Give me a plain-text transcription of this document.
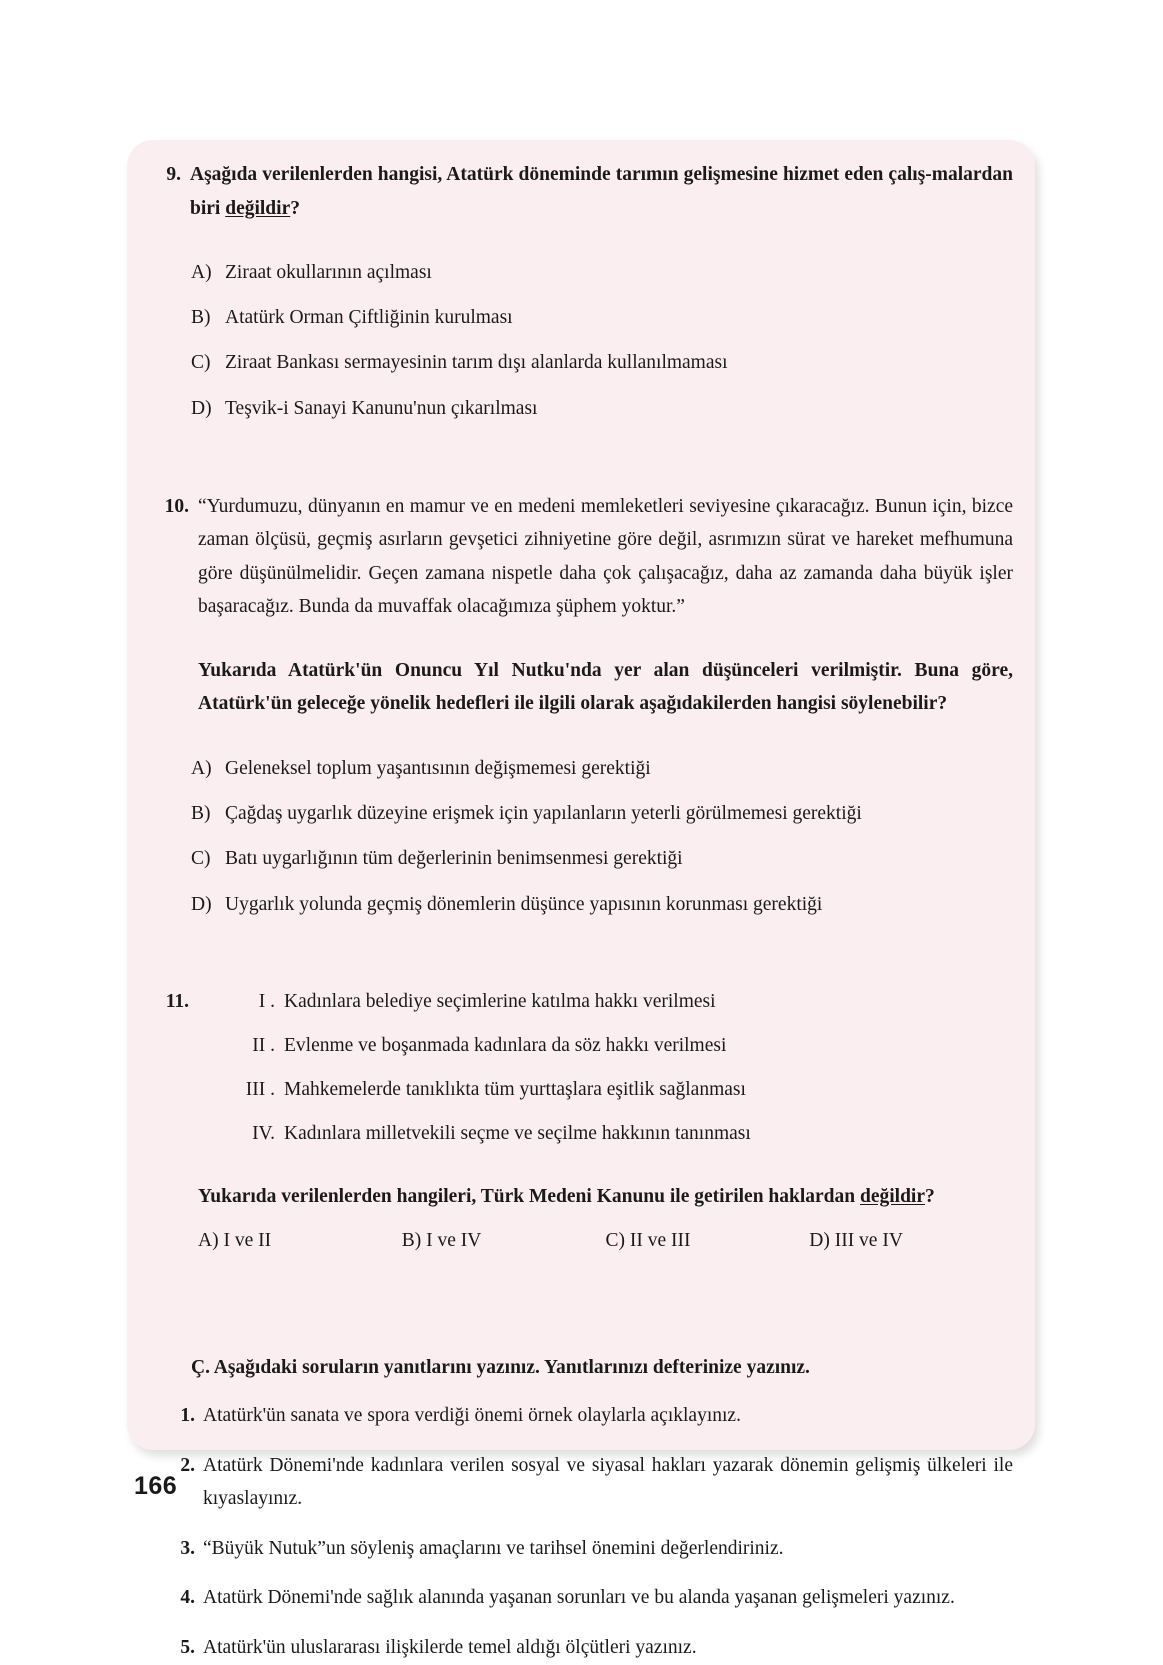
9. Aşağıda verilenlerden hangisi, Atatürk döneminde tarımın gelişmesine hizmet eden çalış-malardan biri değildir?
A) Ziraat okullarının açılması
B) Atatürk Orman Çiftliğinin kurulması
C) Ziraat Bankası sermayesinin tarım dışı alanlarda kullanılmaması
D) Teşvik-i Sanayi Kanunu'nun çıkarılması
10. “Yurdumuzu, dünyanın en mamur ve en medeni memleketleri seviyesine çıkaracağız. Bunun için, bizce zaman ölçüsü, geçmiş asırların gevşetici zihniyetine göre değil, asrımızın sürat ve hareket mefhumuna göre düşünülmelidir. Geçen zamana nispetle daha çok çalışacağız, daha az zamanda daha büyük işler başaracağız. Bunda da muvaffak olacağımıza şüphem yoktur.”
Yukarıda Atatürk'ün Onuncu Yıl Nutku'nda yer alan düşünceleri verilmiştir. Buna göre, Atatürk'ün geleceğe yönelik hedefleri ile ilgili olarak aşağıdakilerden hangisi söylenebilir?
A) Geleneksel toplum yaşantısının değişmemesi gerektiği
B) Çağdaş uygarlık düzeyine erişmek için yapılanların yeterli görülmemesi gerektiği
C) Batı uygarlığının tüm değerlerinin benimsenmesi gerektiği
D) Uygarlık yolunda geçmiş dönemlerin düşünce yapısının korunması gerektiği
11.	I . Kadınlara belediye seçimlerine katılma hakkı verilmesi
II . Evlenme ve boşanmada kadınlara da söz hakkı verilmesi
III . Mahkemelerde tanıklıkta tüm yurttaşlara eşitlik sağlanması
IV. Kadınlara milletvekili seçme ve seçilme hakkının tanınması
Yukarıda verilenlerden hangileri, Türk Medeni Kanunu ile getirilen haklardan değildir?
A) I ve II	B) I ve IV	C) II ve III	D) III ve IV
Ç. Aşağıdaki soruların yanıtlarını yazınız. Yanıtlarınızı defterinize yazınız.
1. Atatürk'ün sanata ve spora verdiği önemi örnek olaylarla açıklayınız.
2. Atatürk Dönemi'nde kadınlara verilen sosyal ve siyasal hakları yazarak dönemin gelişmiş ülkeleri ile kıyaslayınız.
3. “Büyük Nutuk”un söyleniş amaçlarını ve tarihsel önemini değerlendiriniz.
4. Atatürk Dönemi'nde sağlık alanında yaşanan sorunları ve bu alanda yaşanan gelişmeleri yazınız.
5. Atatürk'ün uluslararası ilişkilerde temel aldığı ölçütleri yazınız.
166
